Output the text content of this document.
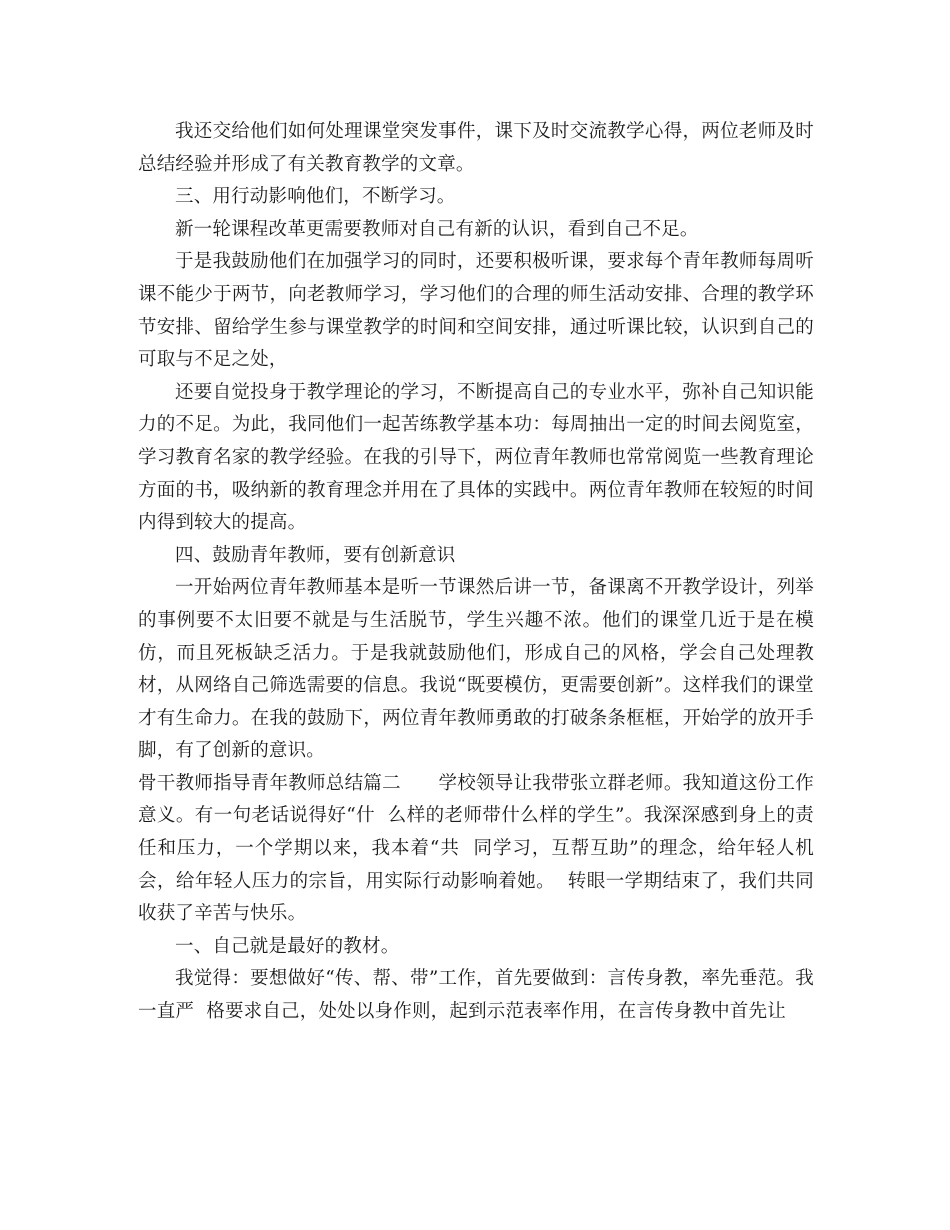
我还交给他们如何处理课堂突发事件，课下及时交流教学心得，两位老师及时总结经验并形成了有关教育教学的文章。

三、用行动影响他们，不断学习。

新一轮课程改革更需要教师对自己有新的认识，看到自己不足。

于是我鼓励他们在加强学习的同时，还要积极听课，要求每个青年教师每周听课不能少于两节，向老教师学习，学习他们的合理的师生活动安排、合理的教学环节安排、留给学生参与课堂教学的时间和空间安排，通过听课比较，认识到自己的可取与不足之处，

还要自觉投身于教学理论的学习，不断提高自己的专业水平，弥补自己知识能力的不足。为此，我同他们一起苦练教学基本功：每周抽出一定的时间去阅览室，学习教育名家的教学经验。在我的引导下，两位青年教师也常常阅览一些教育理论方面的书，吸纳新的教育理念并用在了具体的实践中。两位青年教师在较短的时间内得到较大的提高。

四、鼓励青年教师，要有创新意识

一开始两位青年教师基本是听一节课然后讲一节，备课离不开教学设计，列举的事例要不太旧要不就是与生活脱节，学生兴趣不浓。他们的课堂几近于是在模仿，而且死板缺乏活力。于是我就鼓励他们，形成自己的风格，学会自己处理教材，从网络自己筛选需要的信息。我说“既要模仿，更需要创新”。这样我们的课堂才有生命力。在我的鼓励下，两位青年教师勇敢的打破条条框框，开始学的放开手脚，有了创新的意识。

骨干教师指导青年教师总结篇二　　学校领导让我带张立群老师。我知道这份工作意义。有一句老话说得好“什  么样的老师带什么样的学生”。我深深感到身上的责任和压力，一个学期以来，我本着“共  同学习，互帮互助”的理念，给年轻人机会，给年轻人压力的宗旨，用实际行动影响着她。  转眼一学期结束了，我们共同收获了辛苦与快乐。

一、自己就是最好的教材。

我觉得：要想做好“传、帮、带”工作，首先要做到：言传身教，率先垂范。我一直严  格要求自己，处处以身作则，起到示范表率作用，在言传身教中首先让
